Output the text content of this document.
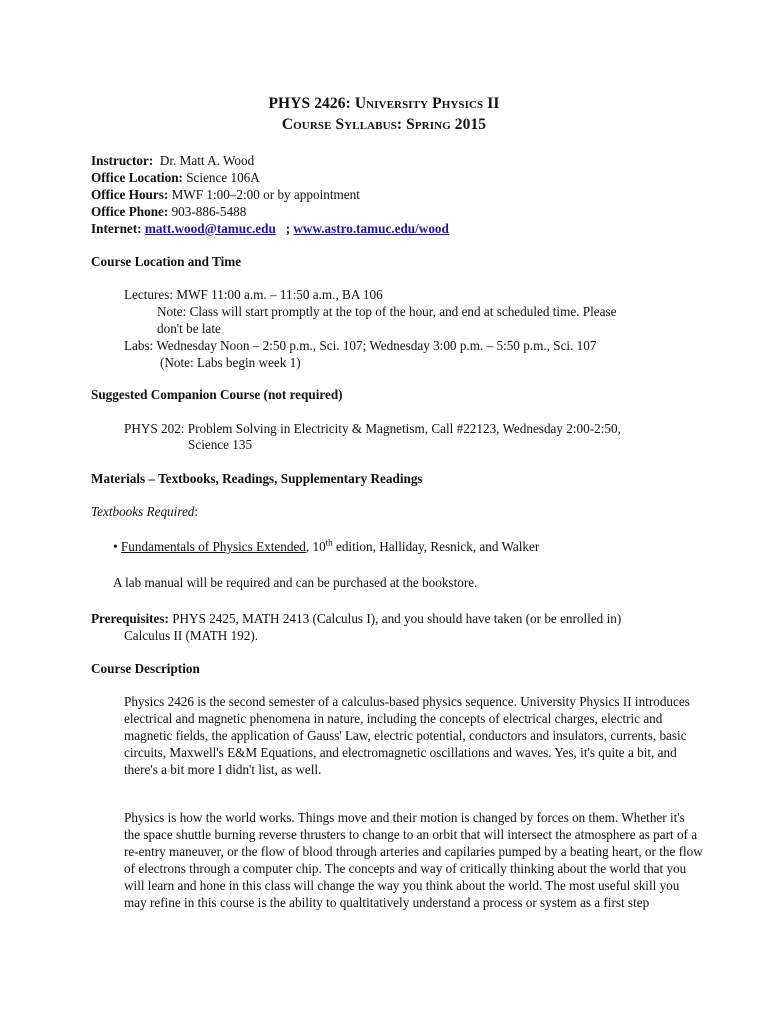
PHYS 2426: University Physics II
Course Syllabus: Spring 2015
Instructor: Dr. Matt A. Wood
Office Location: Science 106A
Office Hours: MWF 1:00–2:00 or by appointment
Office Phone: 903-886-5488
Internet: matt.wood@tamuc.edu ; www.astro.tamuc.edu/wood
Course Location and Time
Lectures: MWF 11:00 a.m. – 11:50 a.m., BA 106
Note: Class will start promptly at the top of the hour, and end at scheduled time. Please
don't be late
Labs: Wednesday Noon – 2:50 p.m., Sci. 107; Wednesday 3:00 p.m. – 5:50 p.m., Sci. 107
(Note: Labs begin week 1)
Suggested Companion Course (not required)
PHYS 202: Problem Solving in Electricity & Magnetism, Call #22123, Wednesday 2:00-2:50,
Science 135
Materials – Textbooks, Readings, Supplementary Readings
Textbooks Required:
• Fundamentals of Physics Extended, 10th edition, Halliday, Resnick, and Walker
A lab manual will be required and can be purchased at the bookstore.
Prerequisites: PHYS 2425, MATH 2413 (Calculus I), and you should have taken (or be enrolled in)
Calculus II (MATH 192).
Course Description

Physics 2426 is the second semester of a calculus-based physics sequence. University Physics II introduces electrical and magnetic phenomena in nature, including the concepts of electrical charges, electric and magnetic fields, the application of Gauss' Law, electric potential, conductors and insulators, currents, basic circuits, Maxwell's E&M Equations, and electromagnetic oscillations and waves. Yes, it's quite a bit, and there's a bit more I didn't list, as well.

Physics is how the world works. Things move and their motion is changed by forces on them. Whether it's the space shuttle burning reverse thrusters to change to an orbit that will intersect the atmosphere as part of a re-entry maneuver, or the flow of blood through arteries and capilaries pumped by a beating heart, or the flow of electrons through a computer chip. The concepts and way of critically thinking about the world that you will learn and hone in this class will change the way you think about the world. The most useful skill you may refine in this course is the ability to qualtitatively understand a process or system as a first step
